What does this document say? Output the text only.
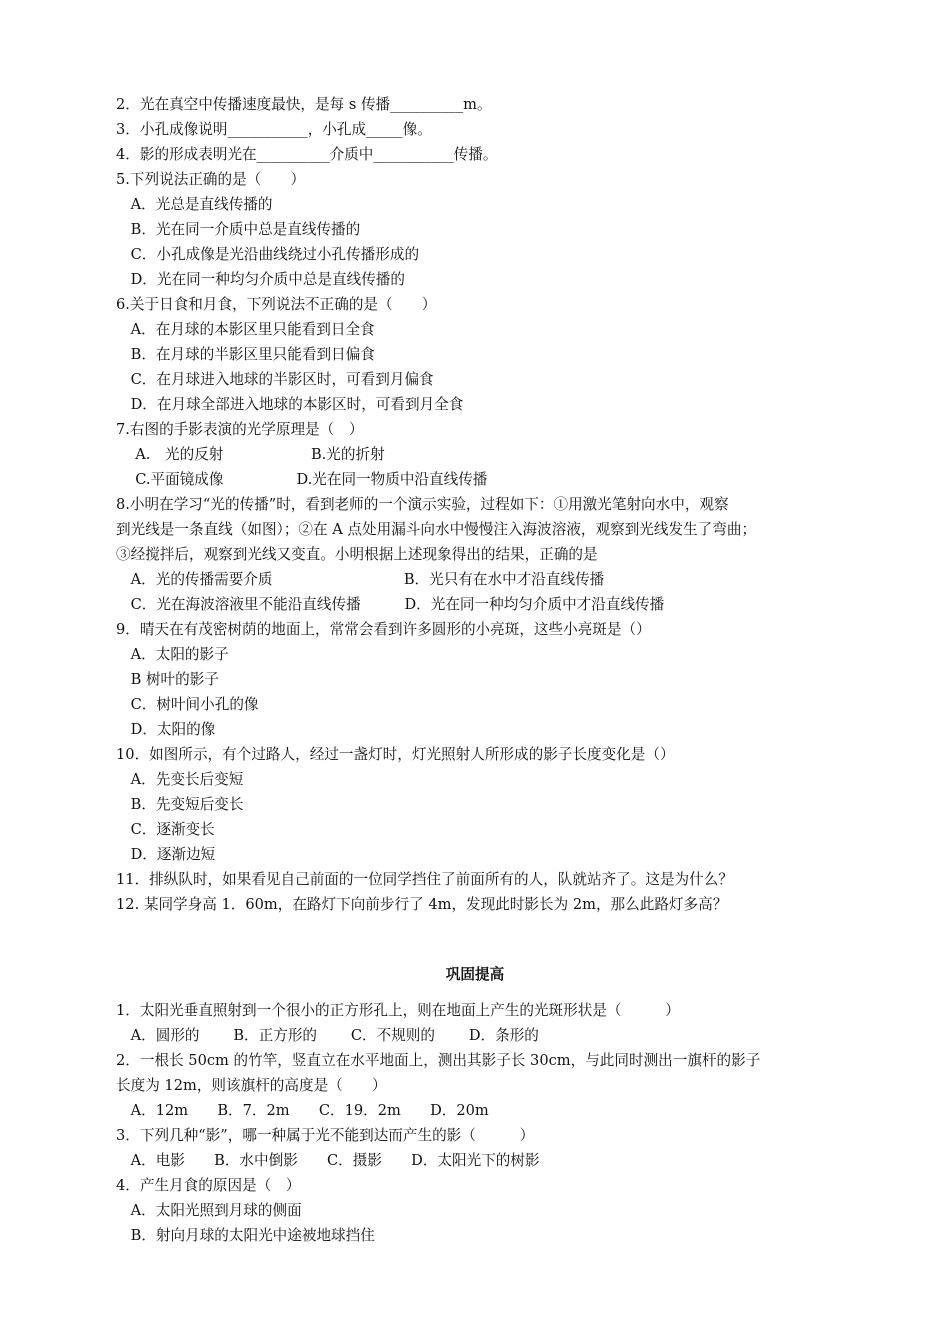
2．光在真空中传播速度最快，是每 s 传播__________m。
3．小孔成像说明___________，小孔成_____像。
4．影的形成表明光在__________介质中___________传播。
5.下列说法正确的是（　　）
　A．光总是直线传播的
　B．光在同一介质中总是直线传播的
　C．小孔成像是光沿曲线绕过小孔传播形成的
　D．光在同一种均匀介质中总是直线传播的
6.关于日食和月食，下列说法不正确的是（　　）
　A．在月球的本影区里只能看到日全食
　B．在月球的半影区里只能看到日偏食
　C．在月球进入地球的半影区时，可看到月偏食
　D．在月球全部进入地球的本影区时，可看到月全食
7.右图的手影表演的光学原理是（　）
　 A.　光的反射　　　　　　B.光的折射
　 C.平面镜成像　　　　　D.光在同一物质中沿直线传播
8.小明在学习“光的传播”时，看到老师的一个演示实验，过程如下：①用激光笔射向水中，观察
到光线是一条直线（如图）；②在 A 点处用漏斗向水中慢慢注入海波溶液，观察到光线发生了弯曲；
③经搅拌后，观察到光线又变直。小明根据上述现象得出的结果，正确的是
　A．光的传播需要介质　　　　　　　　　B．光只有在水中才沿直线传播
　C．光在海波溶液里不能沿直线传播　　　D．光在同一种均匀介质中才沿直线传播
9．晴天在有茂密树荫的地面上，常常会看到许多圆形的小亮斑，这些小亮斑是（）
　A．太阳的影子
　B 树叶的影子
　C．树叶间小孔的像
　D．太阳的像
10．如图所示，有个过路人，经过一盏灯时，灯光照射人所形成的影子长度变化是（）
　A．先变长后变短
　B．先变短后变长
　C．逐渐变长
　D．逐渐边短
11．排纵队时，如果看见自己前面的一位同学挡住了前面所有的人，队就站齐了。这是为什么？
12. 某同学身高 1．60m，在路灯下向前步行了 4m，发现此时影长为 2m，那么此路灯多高？
巩固提高
1．太阳光垂直照射到一个很小的正方形孔上，则在地面上产生的光斑形状是（　　　）
　A．圆形的　　 B．正方形的　　 C．不规则的　　 D．条形的
2．一根长 50cm 的竹竿，竖直立在水平地面上，测出其影子长 30cm，与此同时测出一旗杆的影子
长度为 12m，则该旗杆的高度是（　　）
　A．12m　　B．7．2m　　C．19．2m　　D．20m
3．下列几种“影”，哪一种属于光不能到达而产生的影（　　　）
　A．电影　　B．水中倒影　　C．摄影　　D．太阳光下的树影
4．产生月食的原因是（　）
　A．太阳光照到月球的侧面
　B．射向月球的太阳光中途被地球挡住
